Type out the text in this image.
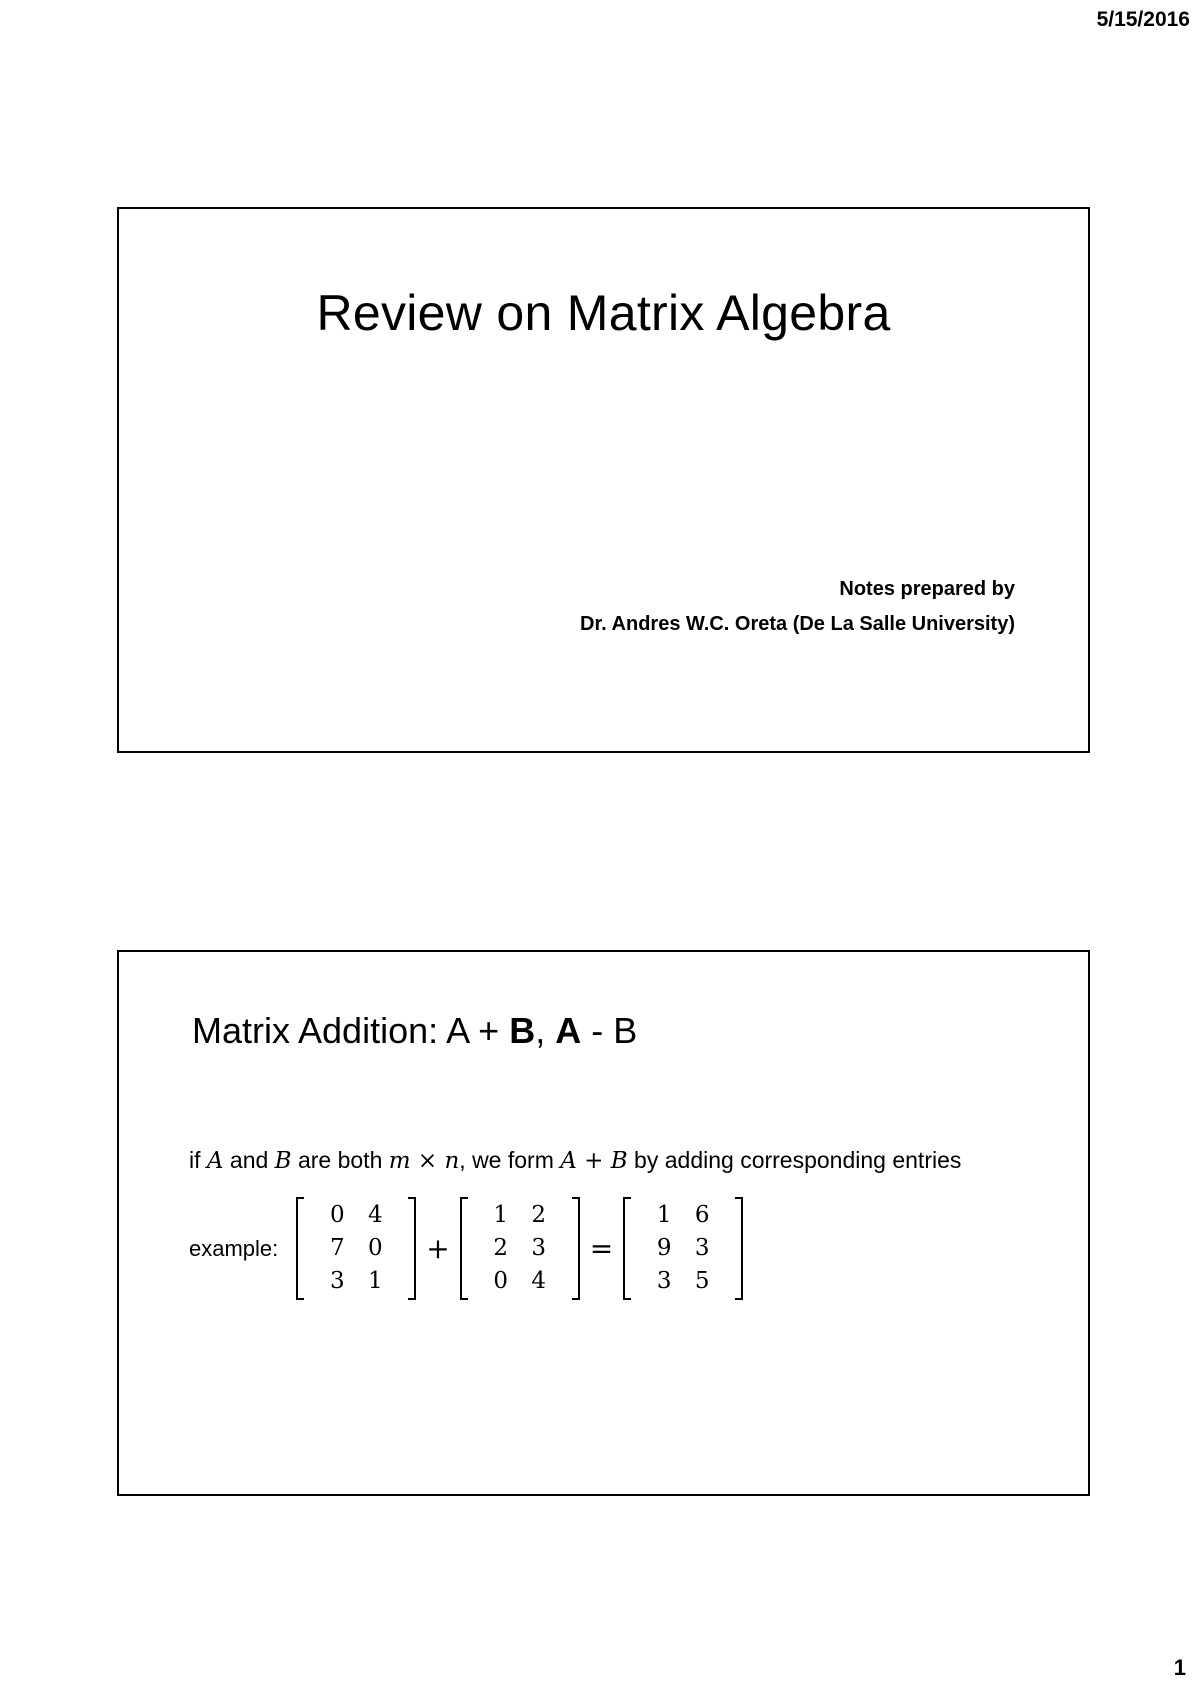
5/15/2016
Review on Matrix Algebra
Notes prepared by
Dr. Andres W.C. Oreta (De La Salle University)
Matrix Addition: A + B, A - B
if A and B are both m × n, we form A + B by adding corresponding entries
example:
0	4
7	0
3	1
+
1	2
2	3
0	4
=
1	6
9	3
3	5
1
